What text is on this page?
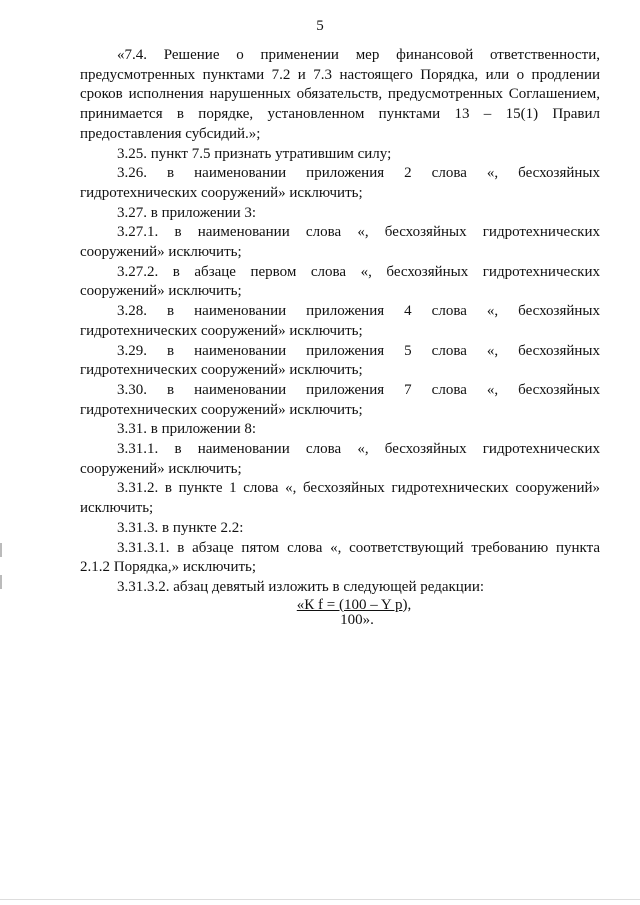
5

«7.4. Решение о применении мер финансовой ответственности, предусмотренных пунктами 7.2 и 7.3 настоящего Порядка, или о продлении сроков исполнения нарушенных обязательств, предусмотренных Соглашением, принимается в порядке, установленном пунктами 13 – 15(1) Правил предоставления субсидий.»;

3.25. пункт 7.5 признать утратившим силу;

3.26. в наименовании приложения 2 слова «, бесхозяйных гидротехнических сооружений» исключить;

3.27. в приложении 3:

3.27.1. в наименовании слова «, бесхозяйных гидротехнических сооружений» исключить;

3.27.2. в абзаце первом слова «, бесхозяйных гидротехнических сооружений» исключить;

3.28. в наименовании приложения 4 слова «, бесхозяйных гидротехнических сооружений» исключить;

3.29. в наименовании приложения 5 слова «, бесхозяйных гидротехнических сооружений» исключить;

3.30. в наименовании приложения 7 слова «, бесхозяйных гидротехнических сооружений» исключить;

3.31. в приложении 8:

3.31.1. в наименовании слова «, бесхозяйных гидротехнических сооружений» исключить;

3.31.2. в пункте 1 слова «, бесхозяйных гидротехнических сооружений» исключить;

3.31.3. в пункте 2.2:

3.31.3.1. в абзаце пятом слова «, соответствующий требованию пункта 2.1.2 Порядка,» исключить;

3.31.3.2. абзац девятый изложить в следующей редакции:

«К f = (100 – Y p),
100».
